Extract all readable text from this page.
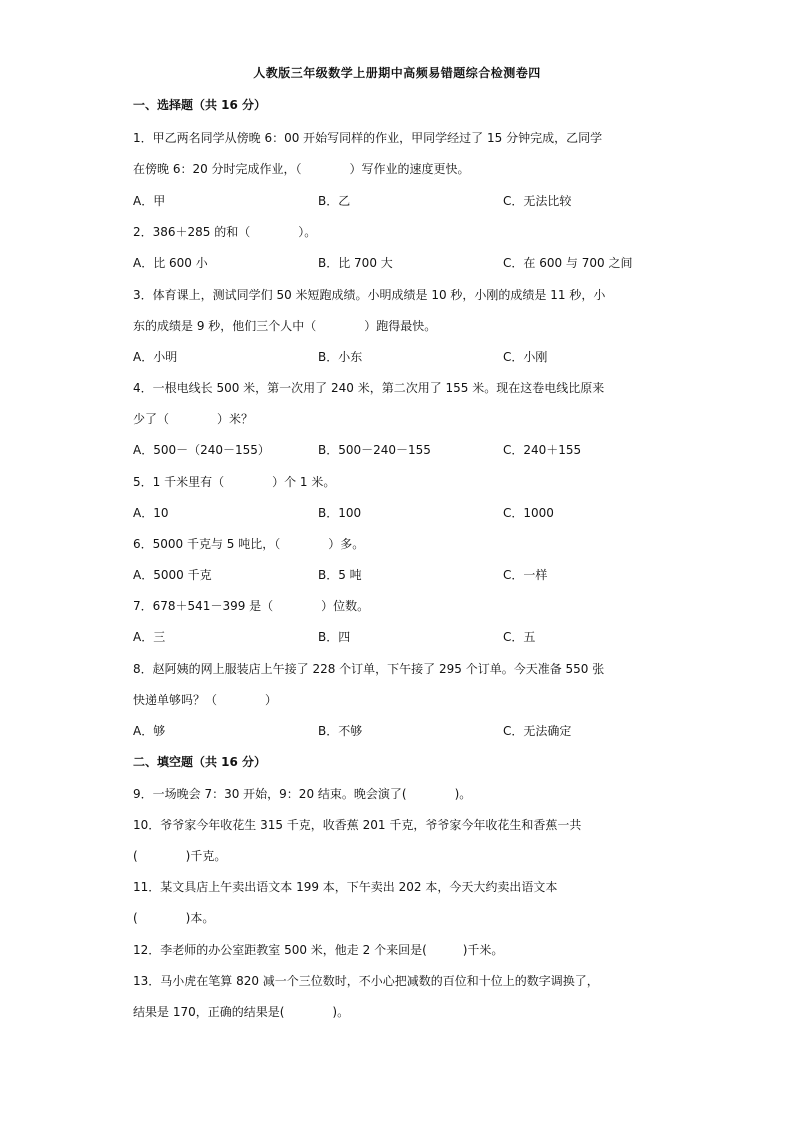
人教版三年级数学上册期中高频易错题综合检测卷四
一、选择题（共 16 分）
1．甲乙两名同学从傍晚 6：00 开始写同样的作业，甲同学经过了 15 分钟完成，乙同学
在傍晚 6：20 分时完成作业，（　　　　）写作业的速度更快。
A．甲	B．乙	C．无法比较
2．386＋285 的和（　　　　）。
A．比 600 小	B．比 700 大	C．在 600 与 700 之间
3．体育课上，测试同学们 50 米短跑成绩。小明成绩是 10 秒，小刚的成绩是 11 秒，小
东的成绩是 9 秒，他们三个人中（　　　　）跑得最快。
A．小明	B．小东	C．小刚
4．一根电线长 500 米，第一次用了 240 米，第二次用了 155 米。现在这卷电线比原来
少了（　　　　）米？
A．500－（240－155）	B．500－240－155	C．240＋155
5．1 千米里有（　　　　）个 1 米。
A．10	B．100	C．1000
6．5000 千克与 5 吨比，（　　　　）多。
A．5000 千克	B．5 吨	C．一样
7．678＋541－399 是（　　　　）位数。
A．三	B．四	C．五
8．赵阿姨的网上服装店上午接了 228 个订单，下午接了 295 个订单。今天准备 550 张
快递单够吗？（　　　　）
A．够	B．不够	C．无法确定
二、填空题（共 16 分）
9．一场晚会 7：30 开始，9：20 结束。晚会演了(　　　　)。
10．爷爷家今年收花生 315 千克，收香蕉 201 千克，爷爷家今年收花生和香蕉一共
(　　　　)千克。
11．某文具店上午卖出语文本 199 本，下午卖出 202 本，今天大约卖出语文本
(　　　　)本。
12．李老师的办公室距教室 500 米，他走 2 个来回是(　　　)千米。
13．马小虎在笔算 820 减一个三位数时，不小心把减数的百位和十位上的数字调换了，
结果是 170，正确的结果是(　　　　)。
